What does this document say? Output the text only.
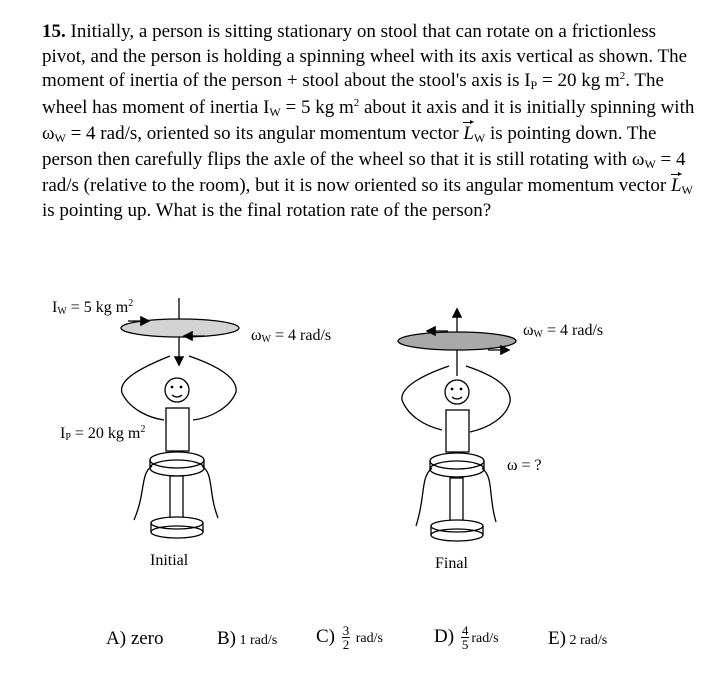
15. Initially, a person is sitting stationary on stool that can rotate on a frictionless pivot, and the person is holding a spinning wheel with its axis vertical as shown. The moment of inertia of the person + stool about the stool's axis is IP = 20 kg $m^2$. The wheel has moment of inertia IW = 5 kg $m^2$ about it axis and it is initially spinning with ωW = 4 rad/s, oriented so its angular momentum vector LW is pointing down. The person then carefully flips the axle of the wheel so that it is still rotating with ωW = 4 rad/s (relative to the room), but it is now oriented so its angular momentum vector LW is pointing up. What is the final rotation rate of the person?
IW = 5 kg $m^2$
IP = 20 kg $m^2$
ωW = 4 rad/s	ωW = 4 rad/s
ω = ?
Initial	Final
A) zero	B) 1 rad/s $C) \frac{3}{2} rad/s$	$D) \frac{4}{5} rad/s$	E) 2 rad/s
